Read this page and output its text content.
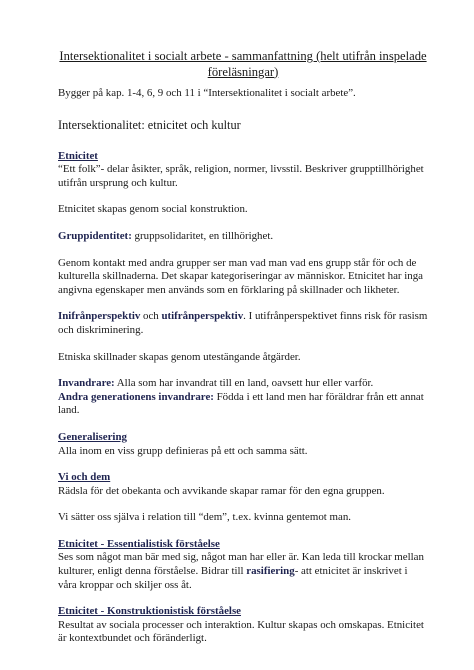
Intersektionalitet i socialt arbete - sammanfattning (helt utifrån inspelade föreläsningar)

Bygger på kap. 1-4, 6, 9 och 11 i “Intersektionalitet i socialt arbete”.

Intersektionalitet: etnicitet och kultur

Etnicitet

“Ett folk”- delar åsikter, språk, religion, normer, livsstil. Beskriver grupptillhörighet utifrån ursprung och kultur.

Etnicitet skapas genom social konstruktion.

Gruppidentitet: gruppsolidaritet, en tillhörighet.

Genom kontakt med andra grupper ser man vad man vad ens grupp står för och de kulturella skillnaderna. Det skapar kategoriseringar av människor. Etnicitet har inga angivna egenskaper men används som en förklaring på skillnader och likheter.

Inifrånperspektiv och utifrånperspektiv. I utifrånperspektivet finns risk för rasism och diskriminering.

Etniska skillnader skapas genom utestängande åtgärder.

Invandrare: Alla som har invandrat till en land, oavsett hur eller varför.

Andra generationens invandrare: Födda i ett land men har föräldrar från ett annat land.

Generalisering

Alla inom en viss grupp definieras på ett och samma sätt.

Vi och dem

Rädsla för det obekanta och avvikande skapar ramar för den egna gruppen.

Vi sätter oss själva i relation till “dem”, t.ex. kvinna gentemot man.

Etnicitet - Essentialistisk förståelse

Ses som något man bär med sig, något man har eller är. Kan leda till krockar mellan kulturer, enligt denna förståelse. Bidrar till rasifiering- att etnicitet är inskrivet i våra kroppar och skiljer oss åt.

Etnicitet - Konstruktionistisk förståelse

Resultat av sociala processer och interaktion. Kultur skapas och omskapas. Etnicitet är kontextbundet och föränderligt.
